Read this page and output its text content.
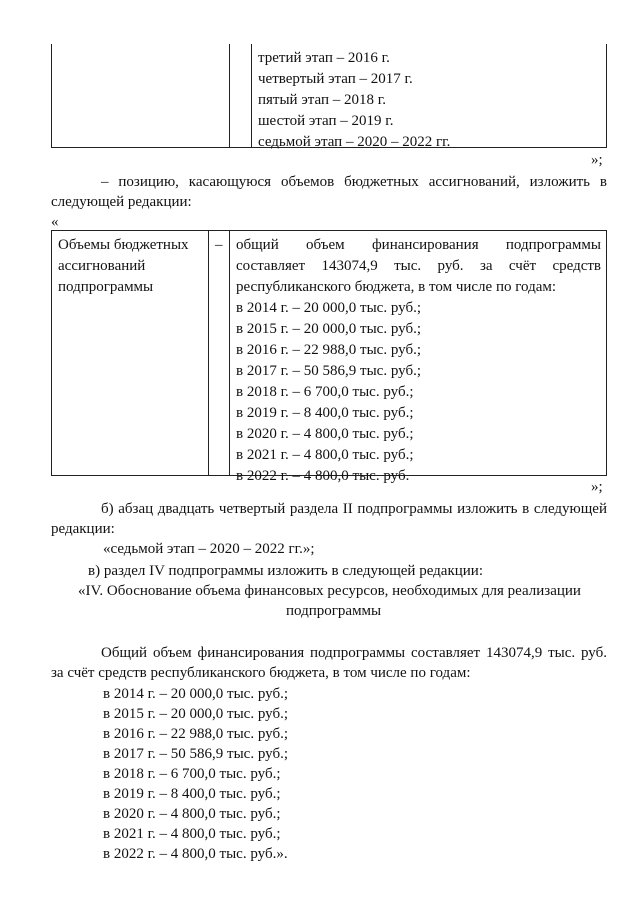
третий этап – 2016 г.
четвертый этап – 2017 г.
пятый этап – 2018 г.
шестой этап – 2019 г.
седьмой этап – 2020 – 2022 гг.
»;
– позицию, касающуюся объемов бюджетных ассигнований, изложить в
следующей редакции:
«
Объемы бюджетных
ассигнований
подпрограммы
– общий объем финансирования подпрограммы
составляет 143074,9 тыс. руб. за счёт средств
республиканского бюджета, в том числе по годам:
в 2014 г. – 20 000,0 тыс. руб.;
в 2015 г. – 20 000,0 тыс. руб.;
в 2016 г. – 22 988,0 тыс. руб.;
в 2017 г. – 50 586,9 тыс. руб.;
в 2018 г. – 6 700,0 тыс. руб.;
в 2019 г. – 8 400,0 тыс. руб.;
в 2020 г. – 4 800,0 тыс. руб.;
в 2021 г. – 4 800,0 тыс. руб.;
в 2022 г. – 4 800,0 тыс. руб.
»;
б) абзац двадцать четвертый раздела II подпрограммы изложить в следующей
редакции:
«седьмой этап – 2020 – 2022 гг.»;
в) раздел IV подпрограммы изложить в следующей редакции:
«IV. Обоснование объема финансовых ресурсов, необходимых для реализации
подпрограммы
Общий объем финансирования подпрограммы составляет 143074,9 тыс. руб.
за счёт средств республиканского бюджета, в том числе по годам:
в 2014 г. – 20 000,0 тыс. руб.;
в 2015 г. – 20 000,0 тыс. руб.;
в 2016 г. – 22 988,0 тыс. руб.;
в 2017 г. – 50 586,9 тыс. руб.;
в 2018 г. – 6 700,0 тыс. руб.;
в 2019 г. – 8 400,0 тыс. руб.;
в 2020 г. – 4 800,0 тыс. руб.;
в 2021 г. – 4 800,0 тыс. руб.;
в 2022 г. – 4 800,0 тыс. руб.».
